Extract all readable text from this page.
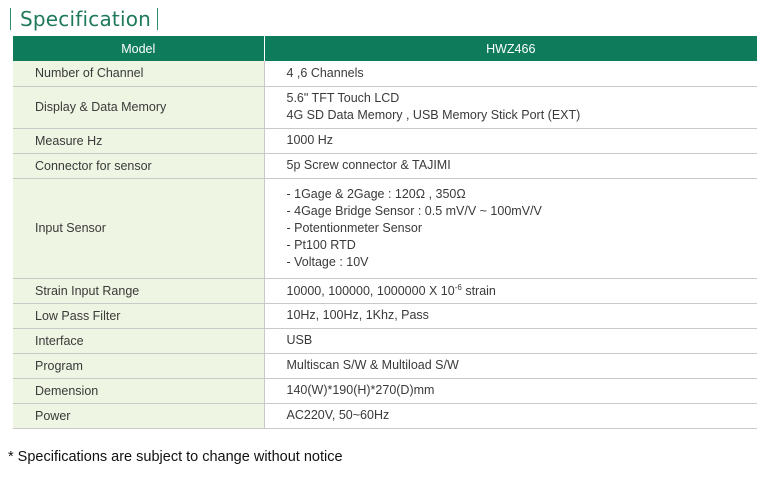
Specification
Model	HWZ466
Number of Channel	4 ,6 Channels

Display & Data Memory	5.6" TFT Touch LCD
4G SD Data Memory , USB Memory Stick Port (EXT)

Measure Hz	1000 Hz

Connector for sensor	5p Screw connector & TAJIMI

Input Sensor	- 1Gage & 2Gage : 120Ω , 350Ω
- 4Gage Bridge Sensor : 0.5 mV/V ~ 100mV/V
- Potentionmeter Sensor
- Pt100 RTD
- Voltage : 10V

Strain Input Range	10000, 100000, 1000000 X $10^{-6}$ strain
Low Pass Filter	10Hz, 100Hz, 1Khz, Pass

Interface	USB

Program	Multiscan S/W & Multiload S/W

Demension	140(W)*190(H)*270(D)mm

Power	AC220V, 50~60Hz
* Specifications are subject to change without notice
